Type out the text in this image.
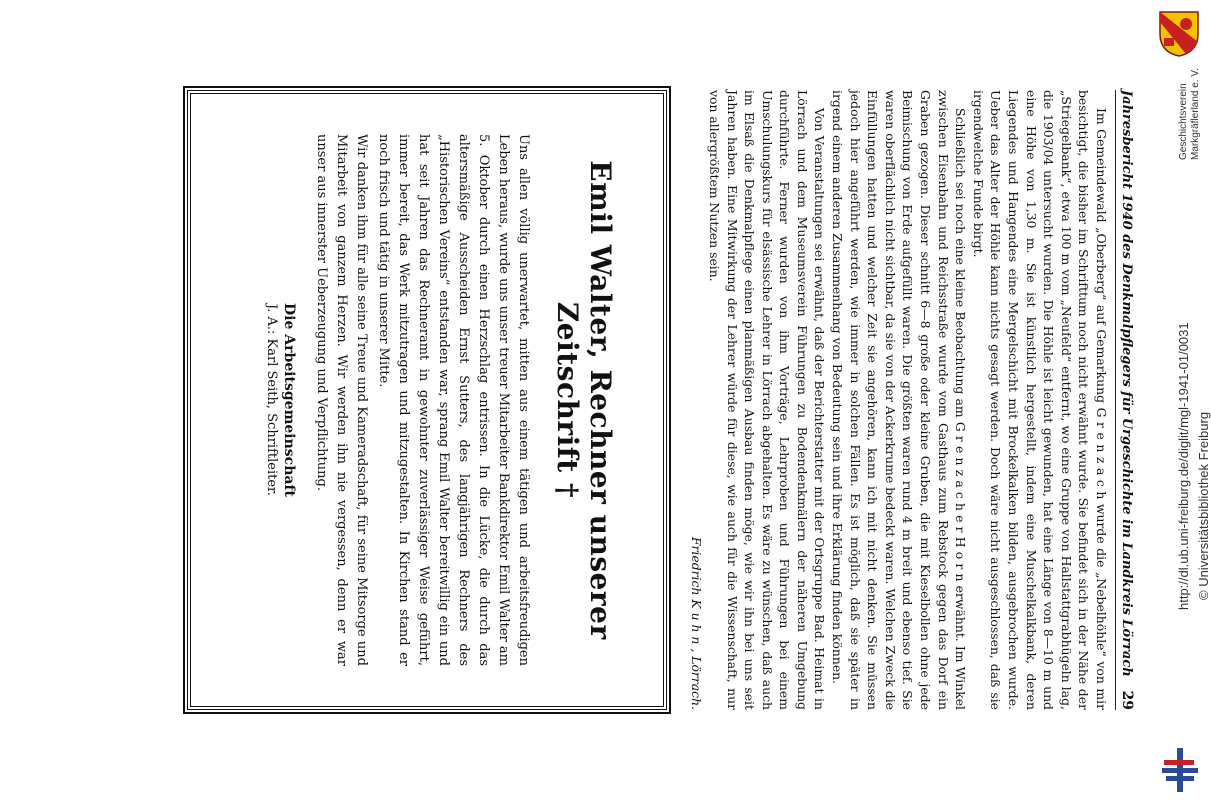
Jahresbericht 1940 des Denkmalpflegers für Urgeschichte im Landkreis Lörrach
29

Im Gemeindewald „Oberberg“ auf Gemarkung G r e n z a c h wurde die „Nebelhöhle“ von mir besichtigt, die bisher im Schrifttum noch nicht erwähnt wurde. Sie befindet sich in der Nähe der „Striegelbank“, etwa 100 m vom „Neufeld“ entfernt, wo eine Gruppe von Hallstattgrabhügeln lag, die 1903/04 untersucht wurden. Die Höhle ist leicht gewunden, hat eine Länge von 8—10 m und eine Höhe von 1,30 m. Sie ist künstlich hergestellt, indem eine Muschelkalkbank, deren Liegendes und Hangendes eine Mergelschicht mit Brockelkalken bilden, ausgebrochen wurde. Ueber das Alter der Höhle kann nichts gesagt werden. Doch wäre nicht ausgeschlossen, daß sie irgendwelche Funde birgt.

Schließlich sei noch eine kleine Beobachtung am G r e n z a c h e r H o r n erwähnt. Im Winkel zwischen Eisenbahn und Reichsstraße wurde vom Gasthaus zum Rebstock gegen das Dorf ein Graben gezogen. Dieser schnitt 6—8 große oder kleine Gruben, die mit Kieselbollen ohne jede Beimischung von Erde aufgefüllt waren. Die größten waren rund 4 m breit und ebenso tief. Sie waren oberflächlich nicht sichtbar, da sie von der Ackerkrume bedeckt waren. Welchen Zweck die Einfüllungen hatten und welcher Zeit sie angehören, kann ich mit nicht denken. Sie müssen jedoch hier angeführt werden, wie immer in solchen Fällen. Es ist möglich, daß sie später in irgend einem anderen Zusammenhang von Bedeutung sein und ihre Erklärung finden können.

Von Veranstaltungen sei erwähnt, daß der Berichterstatter mit der Ortsgruppe Bad. Heimat in Lörrach und dem Museumsverein Führungen zu Bodendenkmälern der näheren Umgebung durchführte. Ferner wurden von ihm Vorträge, Lehrproben und Führungen bei einem Umschulungskurs für elsässische Lehrer in Lörrach abgehalten. Es wäre zu wünschen, daß auch im Elsaß die Denkmalpflege einen planmäßigen Ausbau finden möge, wie wir ihn bei uns seit Jahren haben. Eine Mitwirkung der Lehrer würde für diese, wie auch für die Wissenschaft, nur von allergrößtem Nutzen sein.

Friedrich K u h n , Lörrach.
Emil Walter, Rechner unserer Zeitschrift †

Uns allen völlig unerwartet, mitten aus einem tätigen und arbeitsfreudigen Leben heraus, wurde uns unser treuer Mitarbeiter Bankdirektor Emil Walter am 5. Oktober durch einen Herzschlag entrissen. In die Lücke, die durch das altersmäßige Ausscheiden Ernst Sutters, des langjährigen Rechners des „Historischen Vereins“ entstanden war, sprang Emil Walter bereitwillig ein und hat seit Jahren das Rechneramt in gewohnter zuverlässiger Weise geführt, immer bereit, das Werk mitzutragen und mitzugestalten. In Kirchen stand er noch frisch und tätig in unserer Mitte.

Wir danken ihm für alle seine Treue und Kameradschaft, für seine Mitsorge und Mitarbeit von ganzem Herzen. Wir werden ihn nie vergessen, denn er war unser aus innerster Ueberzeugung und Verpflichtung.

Die Arbeitsgemeinschaft
J. A.: Karl Seith, Schriftleiter.
Geschichtsverein Markgräflerland e. V.
http://dl.ub.uni-freiburg.de/diglit/mgl-1941-01/0031 © Universitätsbibliothek Freiburg
